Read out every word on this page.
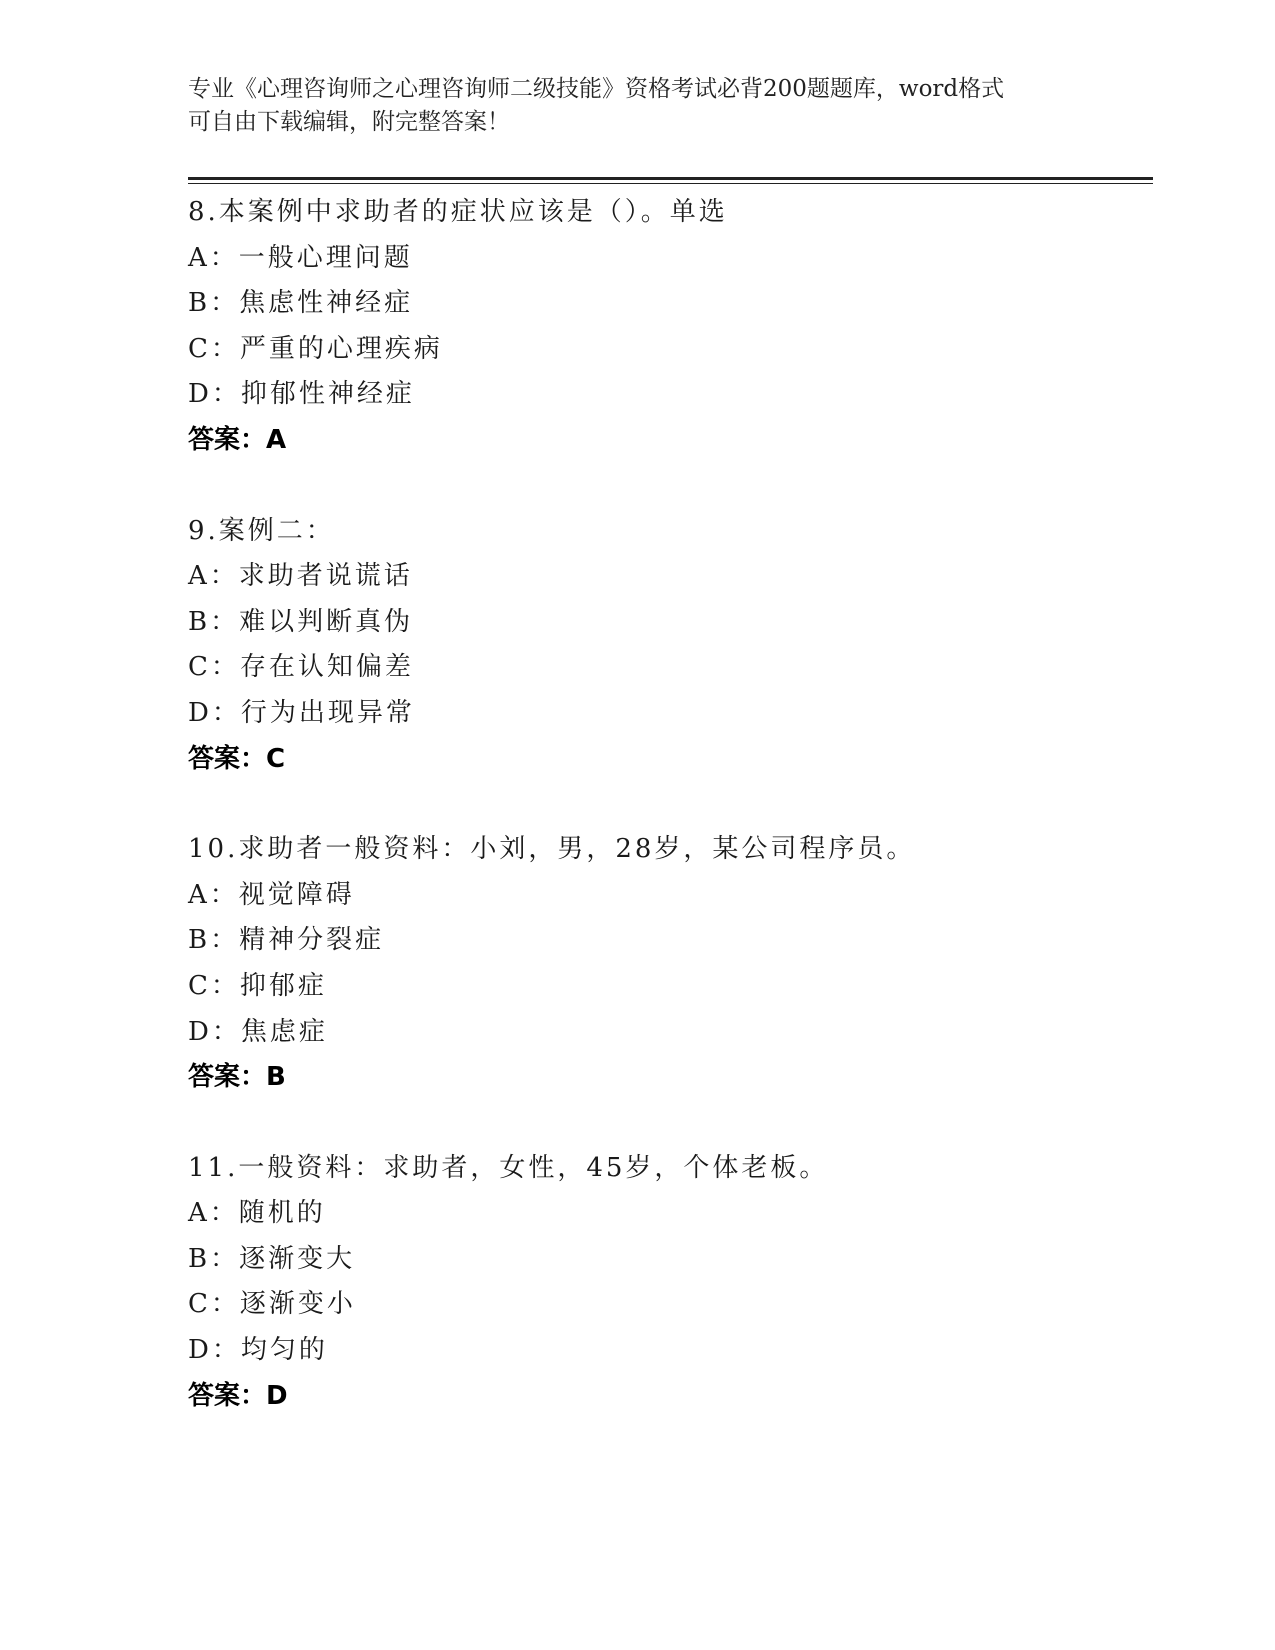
专业《心理咨询师之心理咨询师二级技能》资格考试必背200题题库，word格式
可自由下载编辑，附完整答案！
8.本案例中求助者的症状应该是（）。单选
A：一般心理问题
B：焦虑性神经症
C：严重的心理疾病
D：抑郁性神经症
答案：A
9.案例二：
A：求助者说谎话
B：难以判断真伪
C：存在认知偏差
D：行为出现异常
答案：C
10.求助者一般资料：小刘，男，28岁，某公司程序员。
A：视觉障碍
B：精神分裂症
C：抑郁症
D：焦虑症
答案：B
11.一般资料：求助者，女性，45岁，个体老板。
A：随机的
B：逐渐变大
C：逐渐变小
D：均匀的
答案：D
